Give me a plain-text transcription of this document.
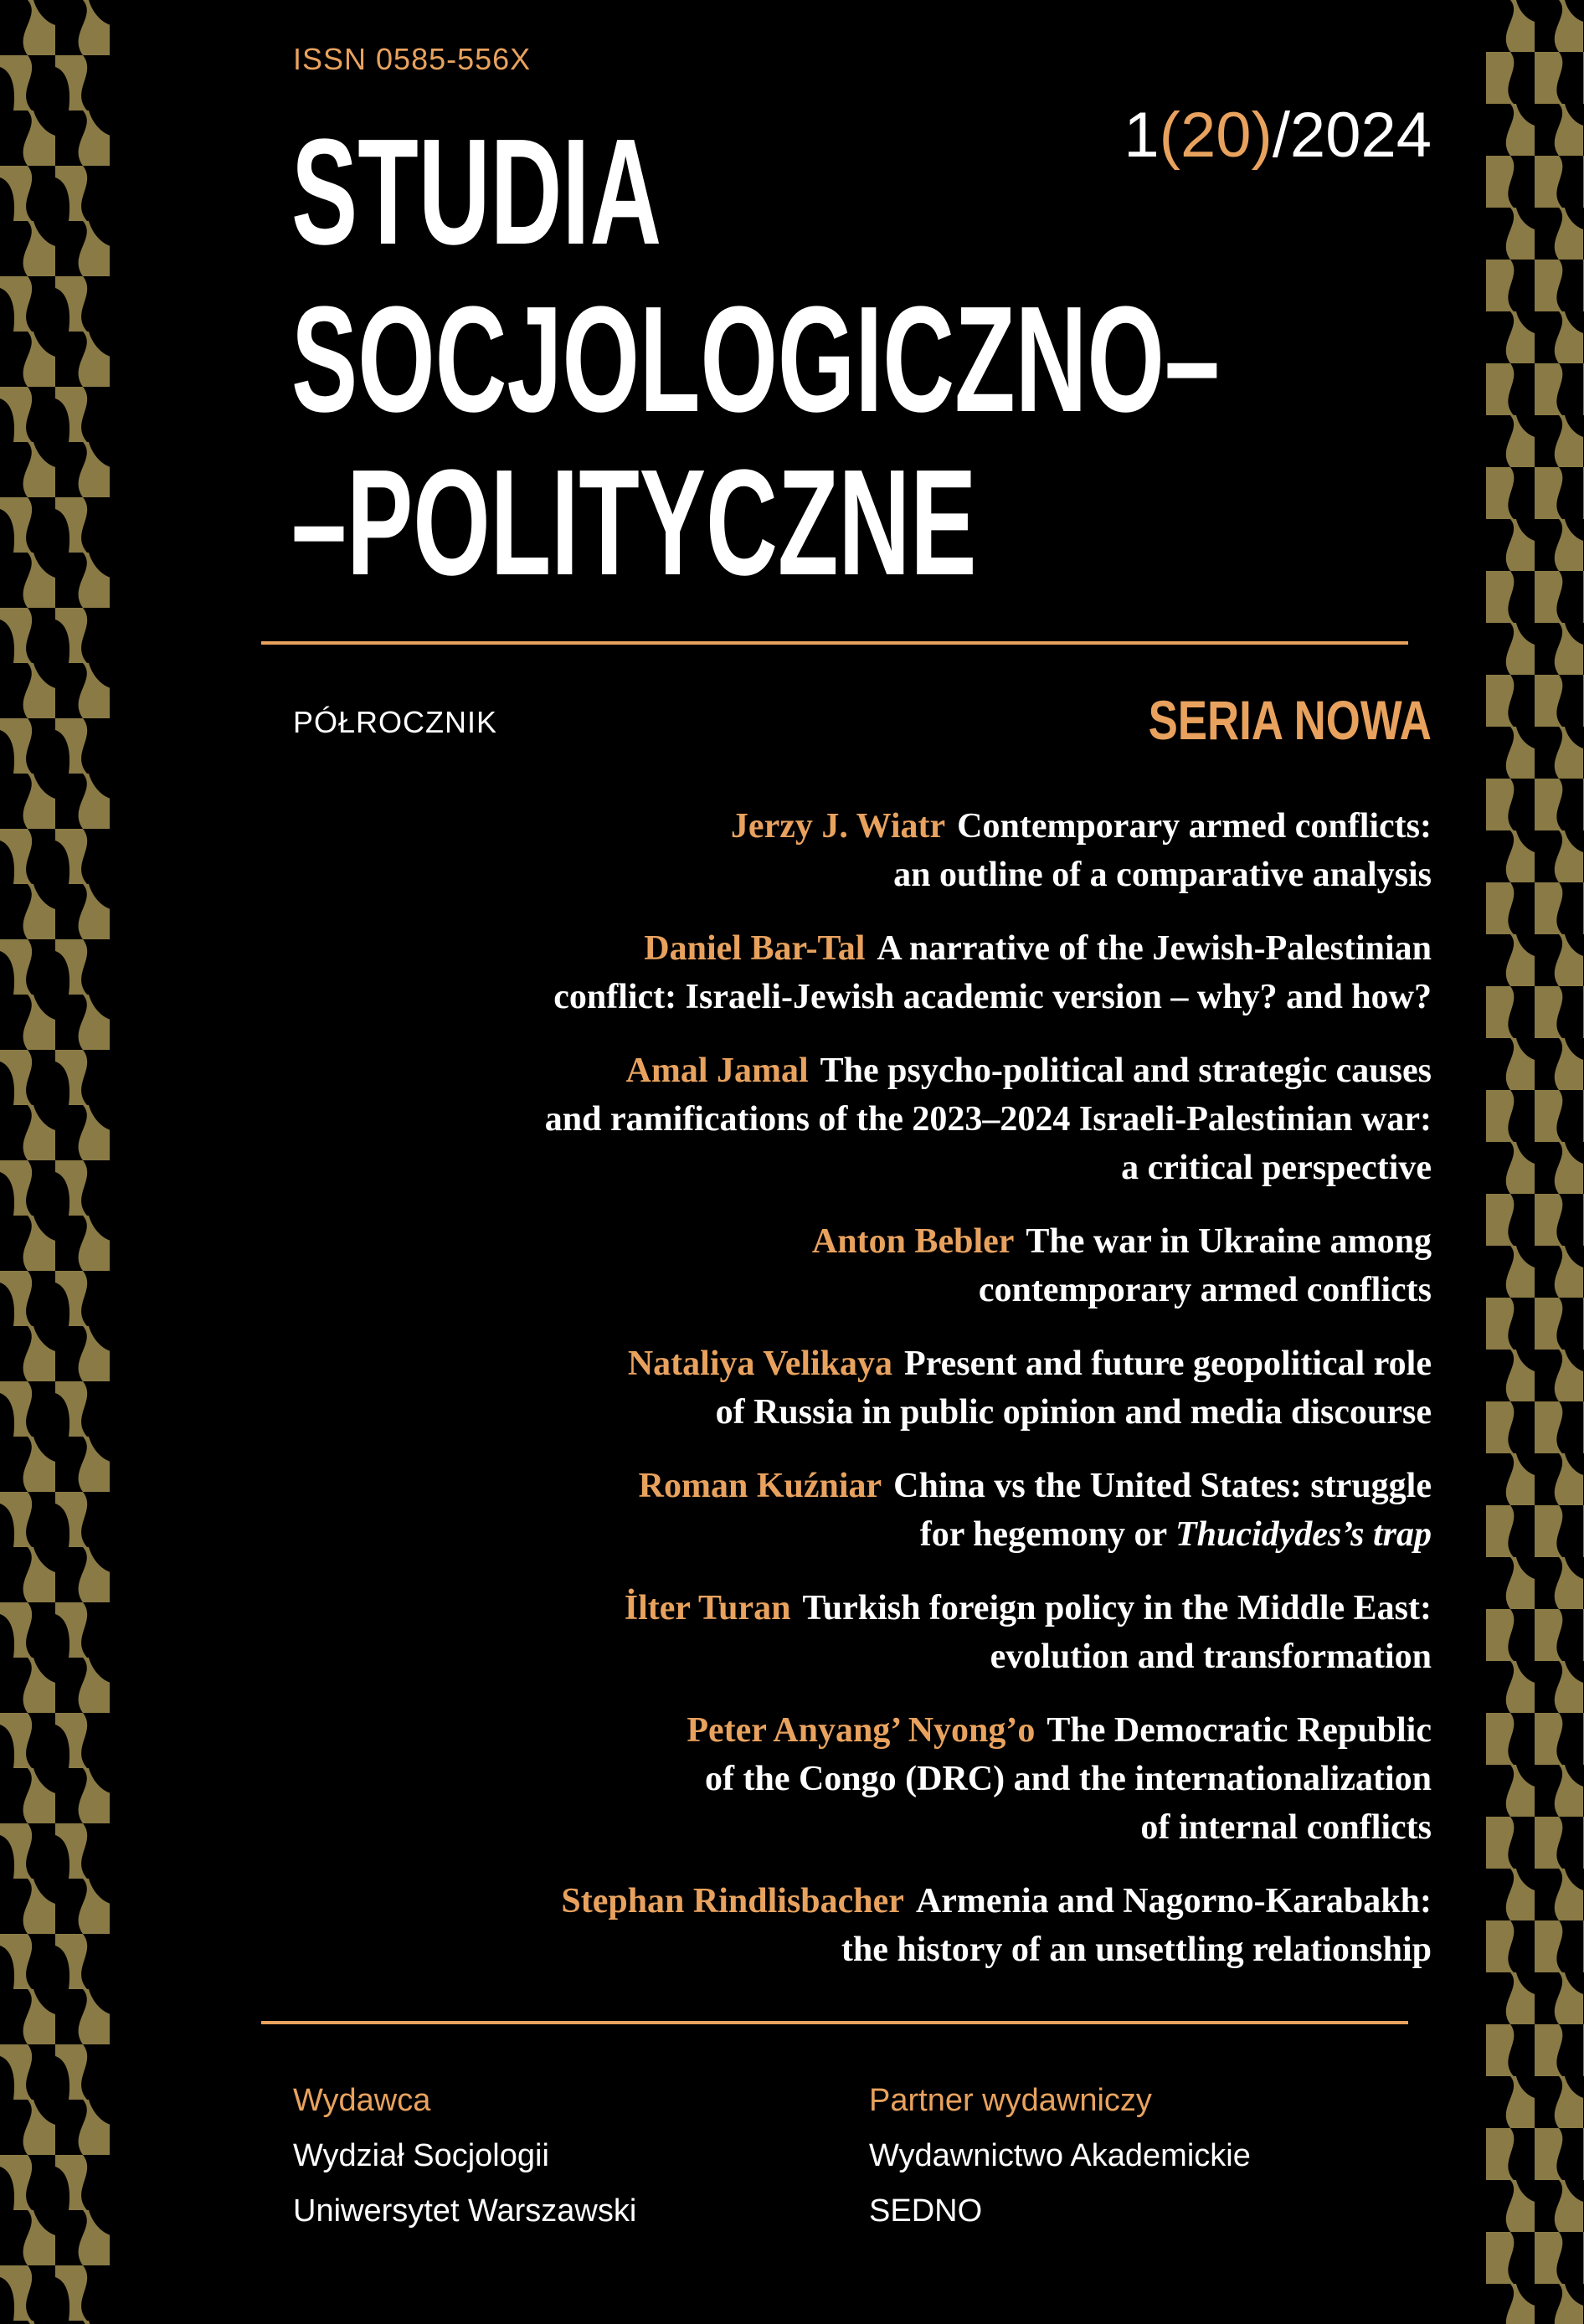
ISSN 0585-556X
1(20)/2024
STUDIA
SOCJOLOGICZNO–
–POLITYCZNE
PÓŁROCZNIK	SERIA NOWA
Jerzy J. Wiatr Contemporary armed conflicts:
an outline of a comparative analysis
Daniel Bar-Tal A narrative of the Jewish-Palestinian
conflict: Israeli-Jewish academic version – why? and how?
Amal Jamal The psycho-political and strategic causes
and ramifications of the 2023–2024 Israeli-Palestinian war:
a critical perspective
Anton Bebler The war in Ukraine among
contemporary armed conflicts
Nataliya Velikaya Present and future geopolitical role
of Russia in public opinion and media discourse
Roman Kuźniar China vs the United States: struggle
for hegemony or Thucidydes’s trap
İlter Turan Turkish foreign policy in the Middle East:
evolution and transformation
Peter Anyang’ Nyong’o The Democratic Republic
of the Congo (DRC) and the internationalization
of internal conflicts
Stephan Rindlisbacher Armenia and Nagorno-Karabakh:
the history of an unsettling relationship
Wydawca
Wydział Socjologii
Uniwersytet Warszawski
Partner wydawniczy
Wydawnictwo Akademickie
SEDNO
